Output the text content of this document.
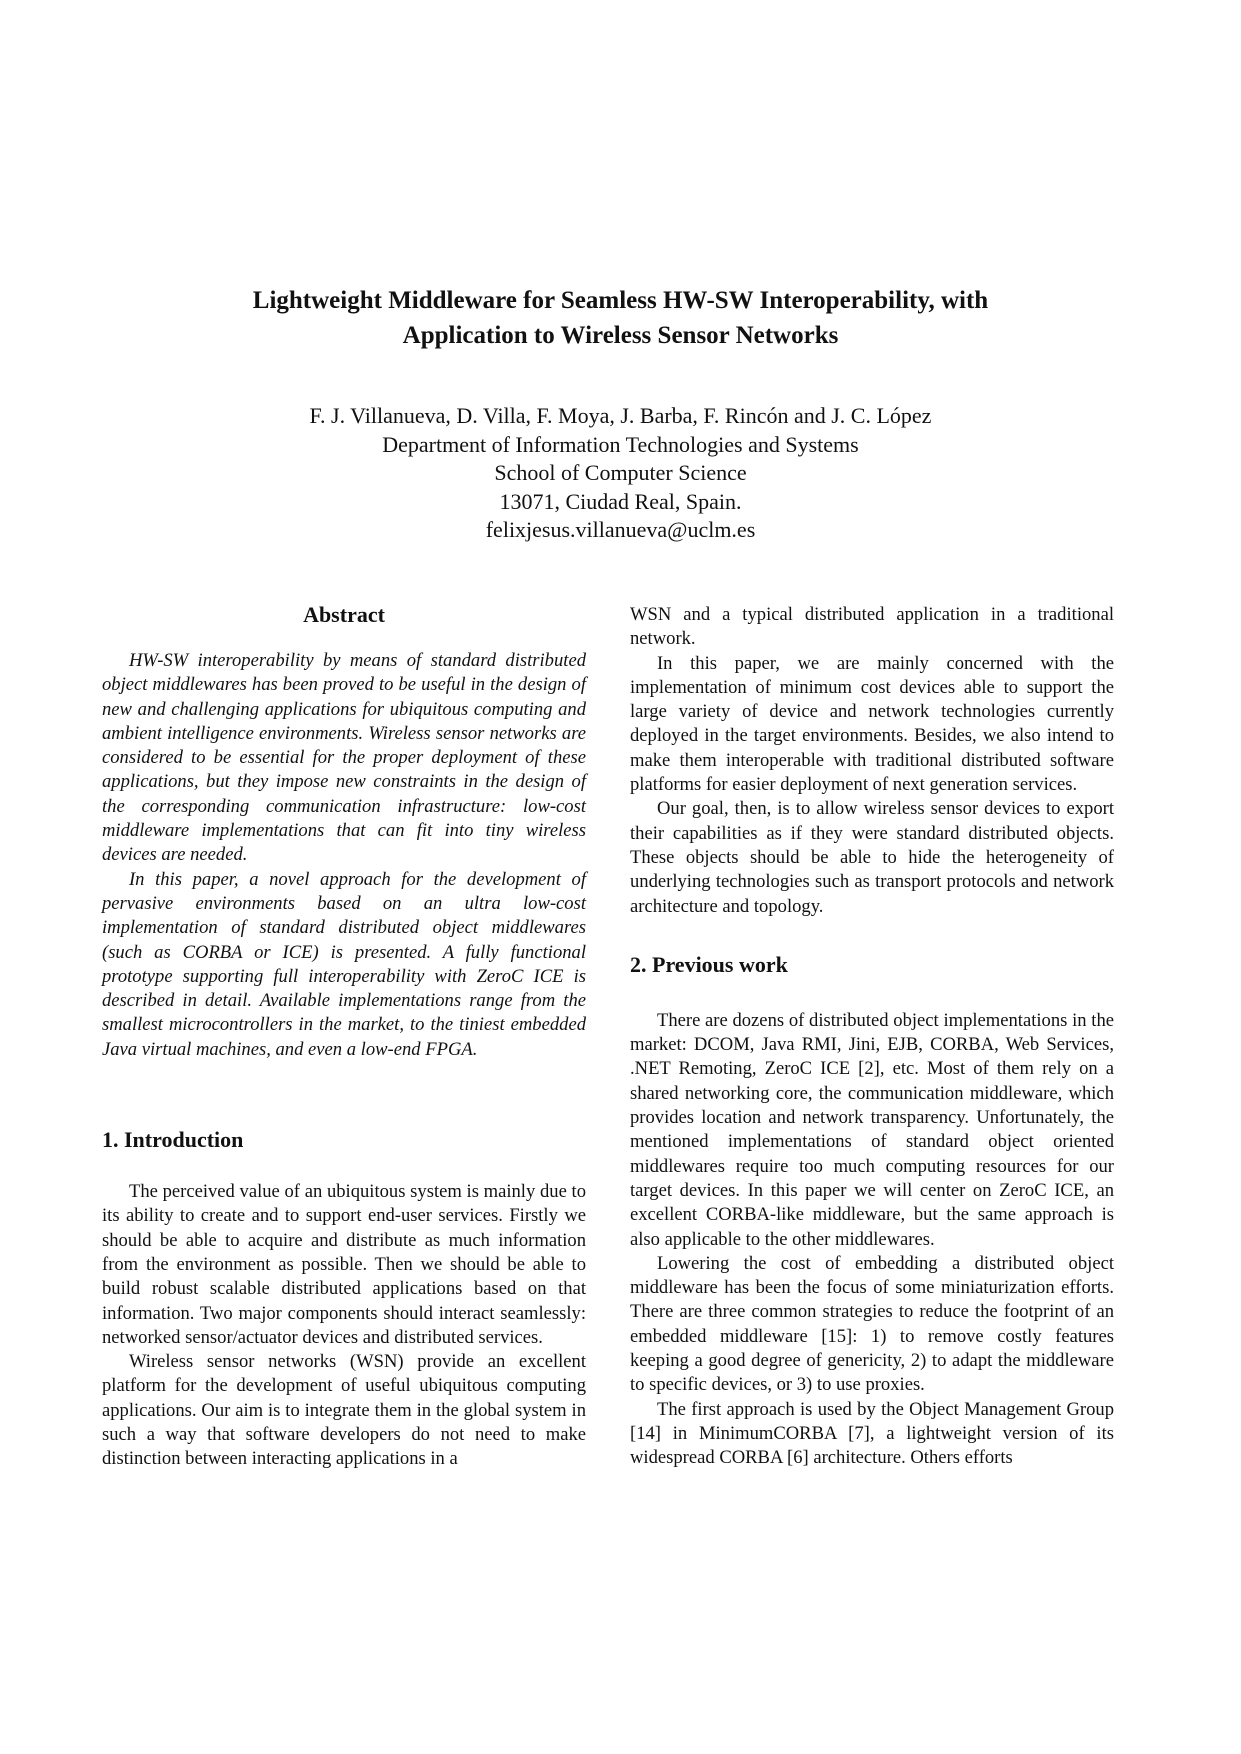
Lightweight Middleware for Seamless HW-SW Interoperability, with
Application to Wireless Sensor Networks
F. J. Villanueva, D. Villa, F. Moya, J. Barba, F. Rincón and J. C. López
Department of Information Technologies and Systems
School of Computer Science
13071, Ciudad Real, Spain.
felixjesus.villanueva@uclm.es
Abstract

HW-SW interoperability by means of standard distributed object middlewares has been proved to be useful in the design of new and challenging applications for ubiquitous computing and ambient intelligence environments. Wireless sensor networks are considered to be essential for the proper deployment of these applications, but they impose new constraints in the design of the corresponding communication infrastructure: low-cost middleware implementations that can fit into tiny wireless devices are needed.

In this paper, a novel approach for the development of pervasive environments based on an ultra low-cost implementation of standard distributed object middlewares (such as CORBA or ICE) is presented. A fully functional prototype supporting full interoperability with ZeroC ICE is described in detail. Available implementations range from the smallest microcontrollers in the market, to the tiniest embedded Java virtual machines, and even a low-end FPGA.

1. Introduction

The perceived value of an ubiquitous system is mainly due to its ability to create and to support end-user services. Firstly we should be able to acquire and distribute as much information from the environment as possible. Then we should be able to build robust scalable distributed applications based on that information. Two major components should interact seamlessly: networked sensor/actuator devices and distributed services.

Wireless sensor networks (WSN) provide an excellent platform for the development of useful ubiquitous computing applications. Our aim is to integrate them in the global system in such a way that software developers do not need to make distinction between interacting applications in a

WSN and a typical distributed application in a traditional network.

In this paper, we are mainly concerned with the implementation of minimum cost devices able to support the large variety of device and network technologies currently deployed in the target environments. Besides, we also intend to make them interoperable with traditional distributed software platforms for easier deployment of next generation services.

Our goal, then, is to allow wireless sensor devices to export their capabilities as if they were standard distributed objects. These objects should be able to hide the heterogeneity of underlying technologies such as transport protocols and network architecture and topology.

2. Previous work

There are dozens of distributed object implementations in the market: DCOM, Java RMI, Jini, EJB, CORBA, Web Services, .NET Remoting, ZeroC ICE [2], etc. Most of them rely on a shared networking core, the communication middleware, which provides location and network transparency. Unfortunately, the mentioned implementations of standard object oriented middlewares require too much computing resources for our target devices. In this paper we will center on ZeroC ICE, an excellent CORBA-like middleware, but the same approach is also applicable to the other middlewares.

Lowering the cost of embedding a distributed object middleware has been the focus of some miniaturization efforts. There are three common strategies to reduce the footprint of an embedded middleware [15]: 1) to remove costly features keeping a good degree of genericity, 2) to adapt the middleware to specific devices, or 3) to use proxies.

The first approach is used by the Object Management Group [14] in MinimumCORBA [7], a lightweight version of its widespread CORBA [6] architecture. Others efforts
